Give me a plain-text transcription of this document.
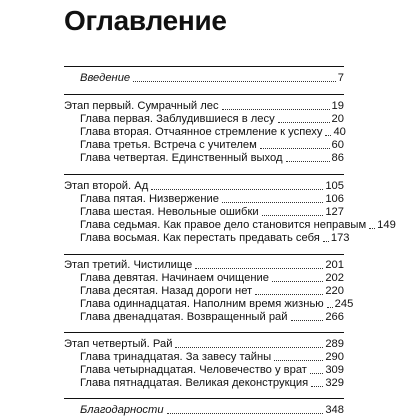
Оглавление
Введение	7
Этап первый. Сумрачный лес	19
Глава первая. Заблудившиеся в лесу	20
Глава вторая. Отчаянное стремление к успеху 40
Глава третья. Встреча с учителем	60
Глава четвертая. Единственный выход	86
Этап второй. Ад	105
Глава пятая. Низвержение	106
Глава шестая. Невольные ошибки	127
Глава седьмая. Как правое дело становится неправым 149
Глава восьмая. Как перестать предавать себя 173
Этап третий. Чистилище	201
Глава девятая. Начинаем очищение	202
Глава десятая. Назад дороги нет	220
Глава одиннадцатая. Наполним время жизнью 245
Глава двенадцатая. Возвращенный рай	266
Этап четвертый. Рай	289
Глава тринадцатая. За завесу тайны	290
Глава четырнадцатая. Человечество у врат 309
Глава пятнадцатая. Великая деконструкция 329
Благодарности	348
